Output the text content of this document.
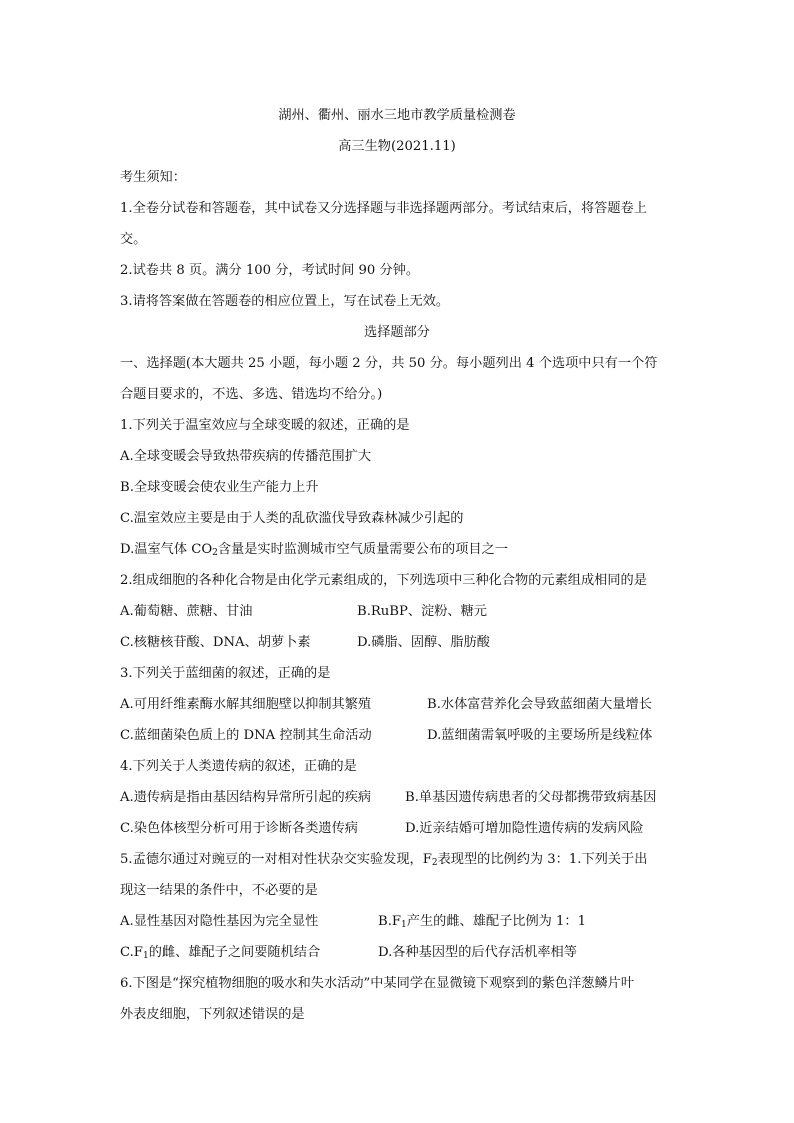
湖州、衢州、丽水三地市教学质量检测卷
高三生物(2021.11)
考生须知：
1.全卷分试卷和答题卷，其中试卷又分选择题与非选择题两部分。考试结束后，将答题卷上
交。
2.试卷共 8 页。满分 100 分，考试时间 90 分钟。
3.请将答案做在答题卷的相应位置上，写在试卷上无效。
选择题部分
一、选择题(本大题共 25 小题，每小题 2 分，共 50 分。每小题列出 4 个选项中只有一个符
合题目要求的，不选、多选、错选均不给分。)
1.下列关于温室效应与全球变暖的叙述，正确的是
A.全球变暖会导致热带疾病的传播范围扩大
B.全球变暖会使农业生产能力上升
C.温室效应主要是由于人类的乱砍滥伐导致森林减少引起的
D.温室气体 $CO_2$含量是实时监测城市空气质量需要公布的项目之一
2.组成细胞的各种化合物是由化学元素组成的，下列选项中三种化合物的元素组成相同的是
A.葡萄糖、蔗糖、甘油	B.RuBP、淀粉、糖元
C.核糖核苷酸、DNA、胡萝卜素	D.磷脂、固醇、脂肪酸
3.下列关于蓝细菌的叙述，正确的是
A.可用纤维素酶水解其细胞壁以抑制其繁殖	B.水体富营养化会导致蓝细菌大量增长
C.蓝细菌染色质上的 DNA 控制其生命活动	D.蓝细菌需氧呼吸的主要场所是线粒体
4.下列关于人类遗传病的叙述，正确的是
A.遗传病是指由基因结构异常所引起的疾病	B.单基因遗传病患者的父母都携带致病基因
C.染色体核型分析可用于诊断各类遗传病	D.近亲结婚可增加隐性遗传病的发病风险
5.孟德尔通过对豌豆的一对相对性状杂交实验发现，$F_2$表现型的比例约为 3：1.下列关于出
现这一结果的条件中，不必要的是
A.显性基因对隐性基因为完全显性	$B.F_1$产生的雌、雄配子比例为 1：1
$C.F_1$的雌、雄配子之间要随机结合	D.各种基因型的后代存活机率相等
6.下图是“探究植物细胞的吸水和失水活动”中某同学在显微镜下观察到的紫色洋葱鳞片叶
外表皮细胞，下列叙述错误的是
